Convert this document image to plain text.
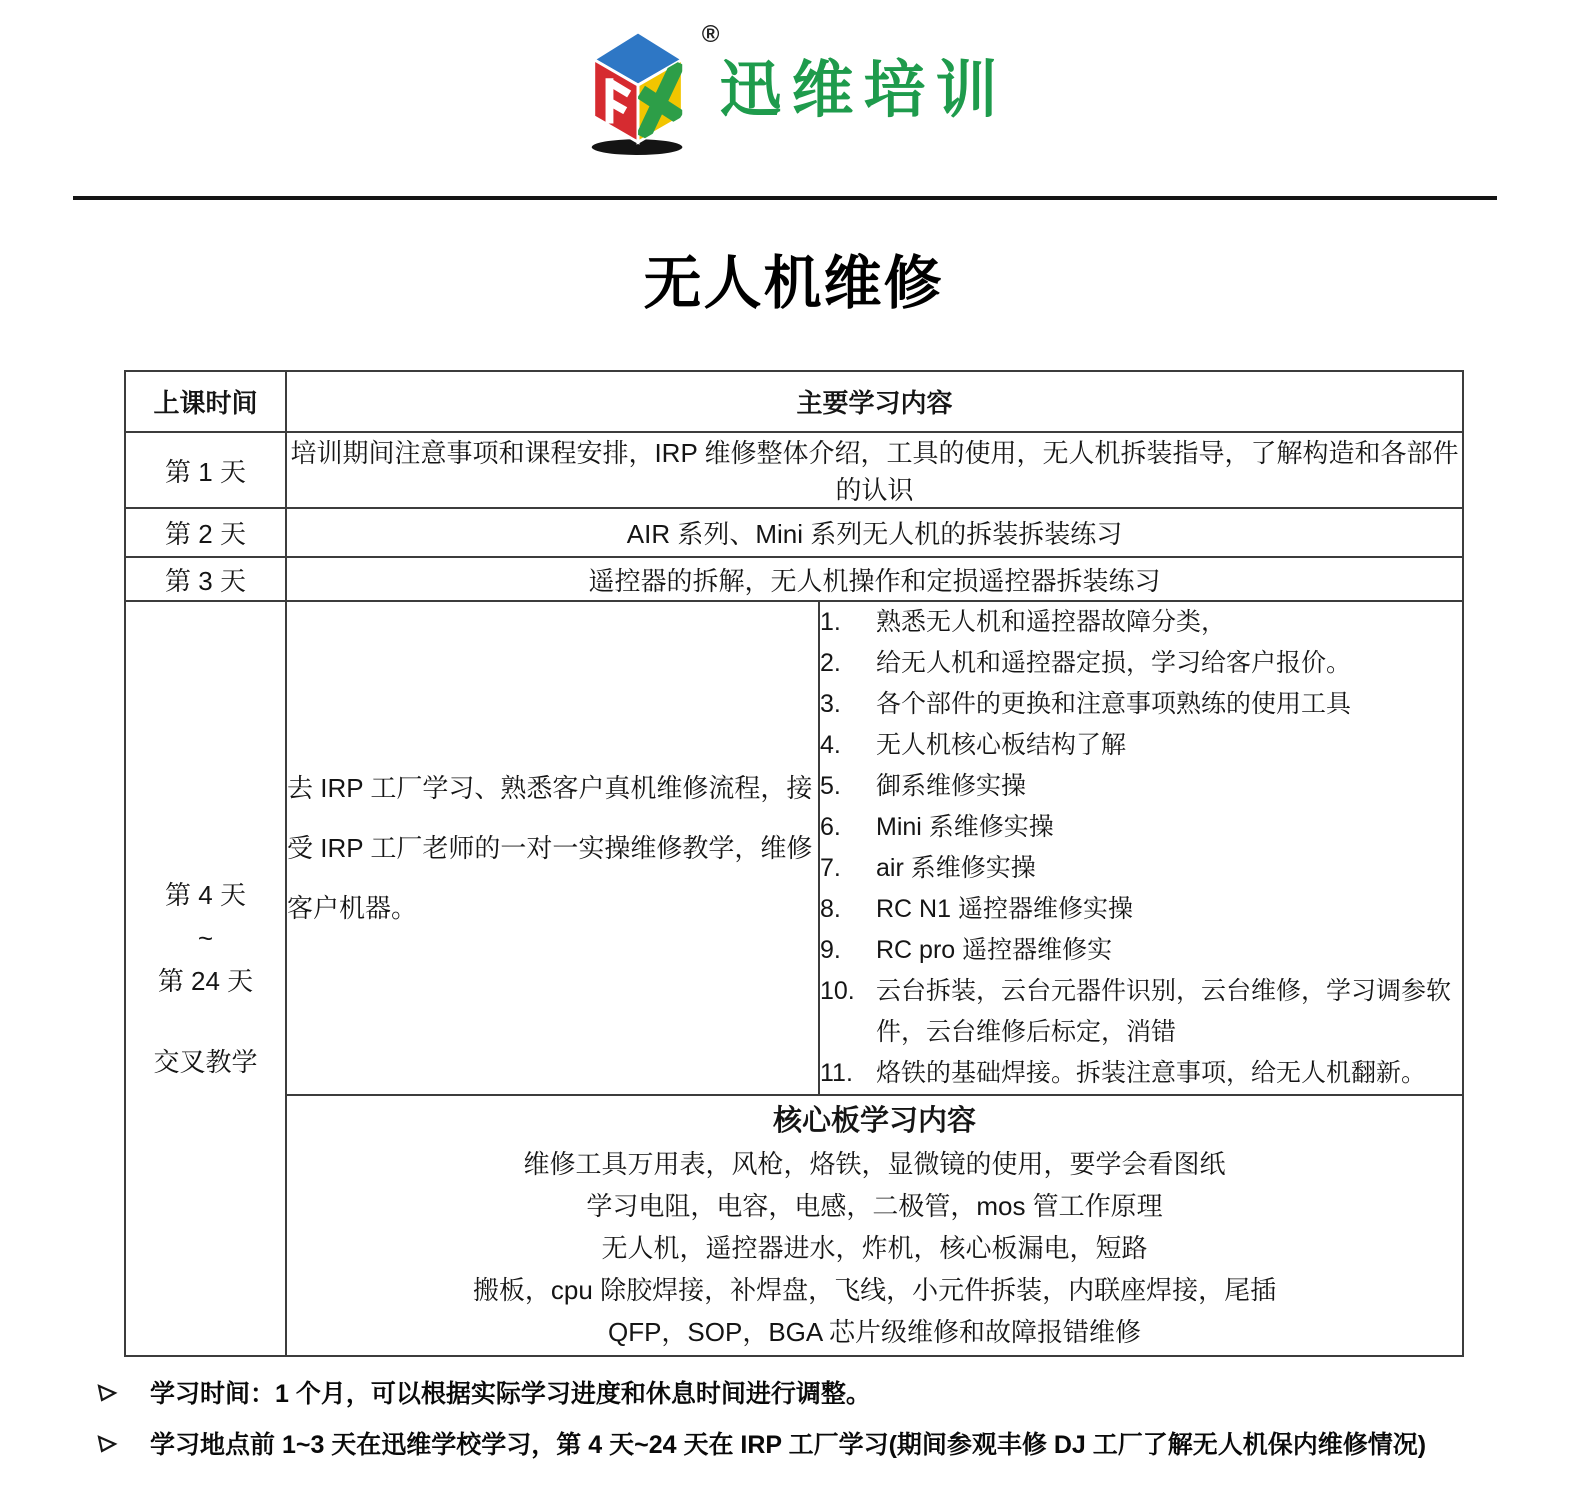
®
迅维培训
无人机维修
上课时间	主要学习内容	
第 1 天	培训期间注意事项和课程安排，IRP 维修整体介绍，工具的使用，无人机拆装指导，了解构造和各部件的认识	
第 2 天	AIR 系列、Mini 系列无人机的拆装拆装练习	
第 3 天	遥控器的拆解，无人机操作和定损遥控器拆装练习	

第 4 天
~
第 24 天
交叉教学
	去 IRP 工厂学习、熟悉客户真机维修流程，接受 IRP 工厂老师的一对一实操维修教学，维修客户机器。	
1.	熟悉无人机和遥控器故障分类，
2.	给无人机和遥控器定损，学习给客户报价。
3.	各个部件的更换和注意事项熟练的使用工具
4.	无人机核心板结构了解
5.	御系维修实操
6.	Mini 系维修实操
7.	air 系维修实操
8.	RC N1 遥控器维修实操
9.	RC pro 遥控器维修实
10. 云台拆装，云台元器件识别，云台维修，学习调参软件，云台维修后标定，消错
11. 烙铁的基础焊接。拆装注意事项，给无人机翻新。

核心板学习内容
维修工具万用表，风枪，烙铁，显微镜的使用，要学会看图纸
学习电阻，电容，电感，二极管，mos 管工作原理
无人机，遥控器进水，炸机，核心板漏电，短路
搬板，cpu 除胶焊接，补焊盘，飞线，小元件拆装，内联座焊接，尾插
QFP，SOP，BGA 芯片级维修和故障报错维修
学习时间：1 个月，可以根据实际学习进度和休息时间进行调整。
学习地点前 1~3 天在迅维学校学习，第 4 天~24 天在 IRP 工厂学习(期间参观丰修 DJ 工厂了解无人机保内维修情况)
